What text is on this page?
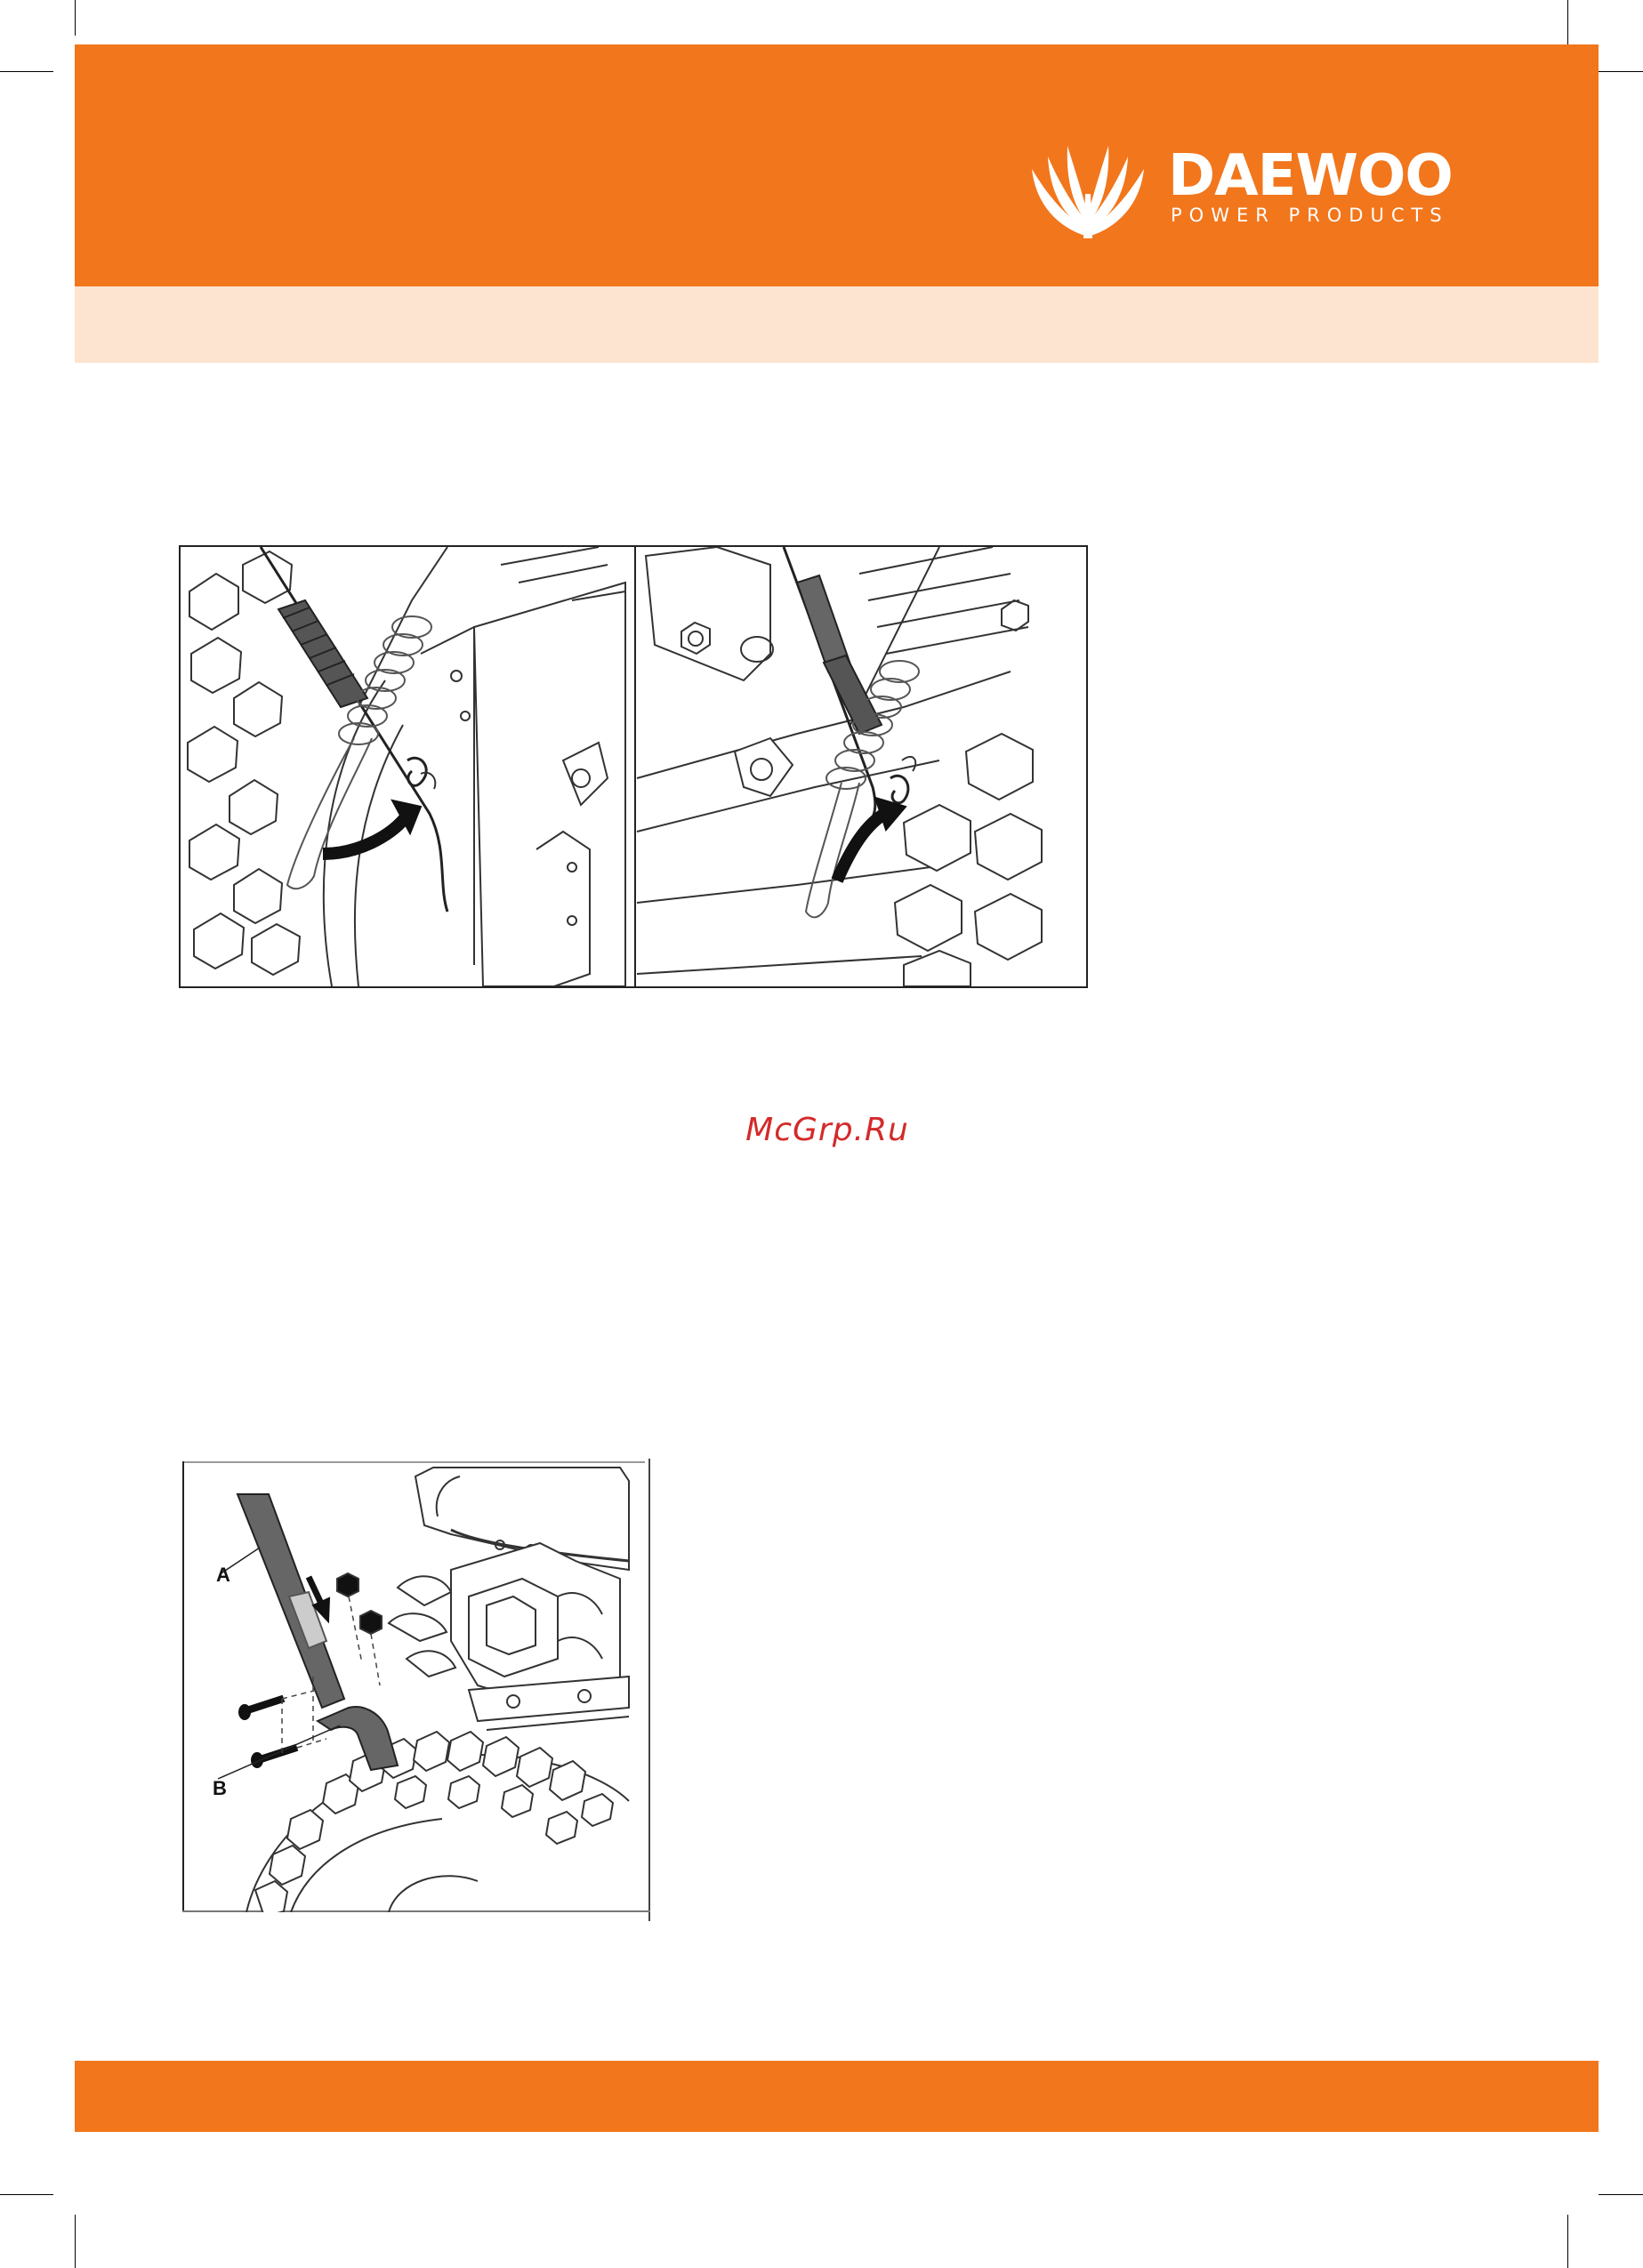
DAEWOO
POWER PRODUCTS
McGrp.Ru
A
B
